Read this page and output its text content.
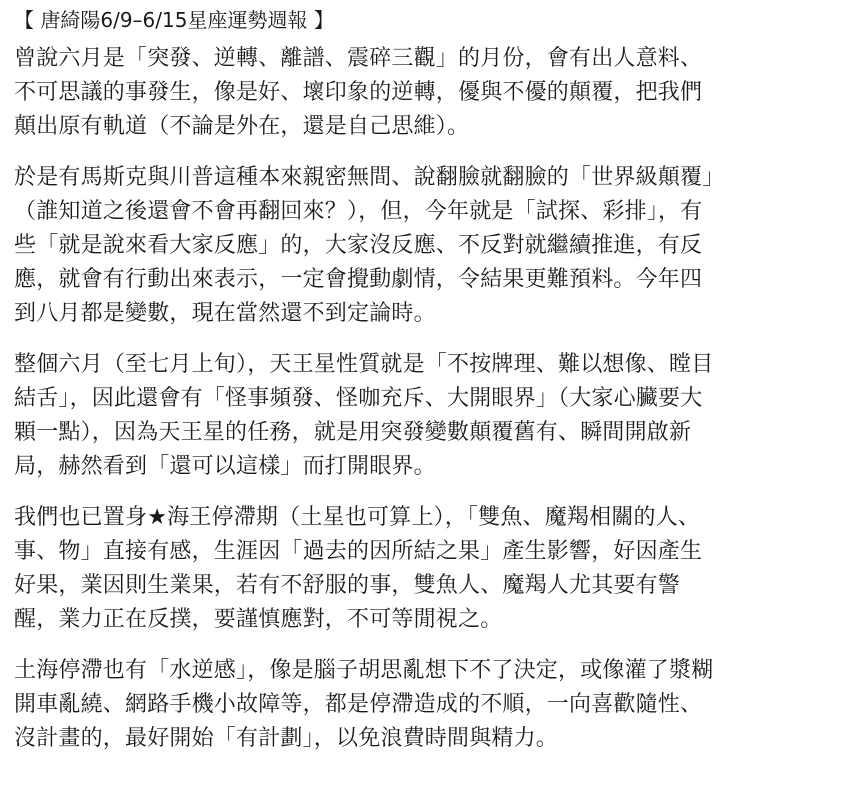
【 唐綺陽6/9–6/15星座運勢週報 】
曾說六月是「突發、逆轉、離譜、震碎三觀」的月份，會有出人意料、
不可思議的事發生，像是好、壞印象的逆轉，優與不優的顛覆，把我們
顛出原有軌道（不論是外在，還是自己思維）。
於是有馬斯克與川普這種本來親密無間、說翻臉就翻臉的「世界級顛覆」
（誰知道之後還會不會再翻回來？），但，今年就是「試探、彩排」，有
些「就是說來看大家反應」的，大家沒反應、不反對就繼續推進，有反
應，就會有行動出來表示，一定會攪動劇情，令結果更難預料。今年四
到八月都是變數，現在當然還不到定論時。
整個六月（至七月上旬），天王星性質就是「不按牌理、難以想像、瞠目
結舌」，因此還會有「怪事頻發、怪咖充斥、大開眼界」（大家心臟要大
顆一點），因為天王星的任務，就是用突發變數顛覆舊有、瞬間開啟新
局，赫然看到「還可以這樣」而打開眼界。
我們也已置身★海王停滯期（土星也可算上），「雙魚、魔羯相關的人、
事、物」直接有感，生涯因「過去的因所結之果」產生影響，好因產生
好果，業因則生業果，若有不舒服的事，雙魚人、魔羯人尤其要有警
醒，業力正在反撲，要謹慎應對，不可等閒視之。
土海停滯也有「水逆感」，像是腦子胡思亂想下不了決定，或像灌了漿糊
開車亂繞、網路手機小故障等，都是停滯造成的不順，一向喜歡隨性、
沒計畫的，最好開始「有計劃」，以免浪費時間與精力。
